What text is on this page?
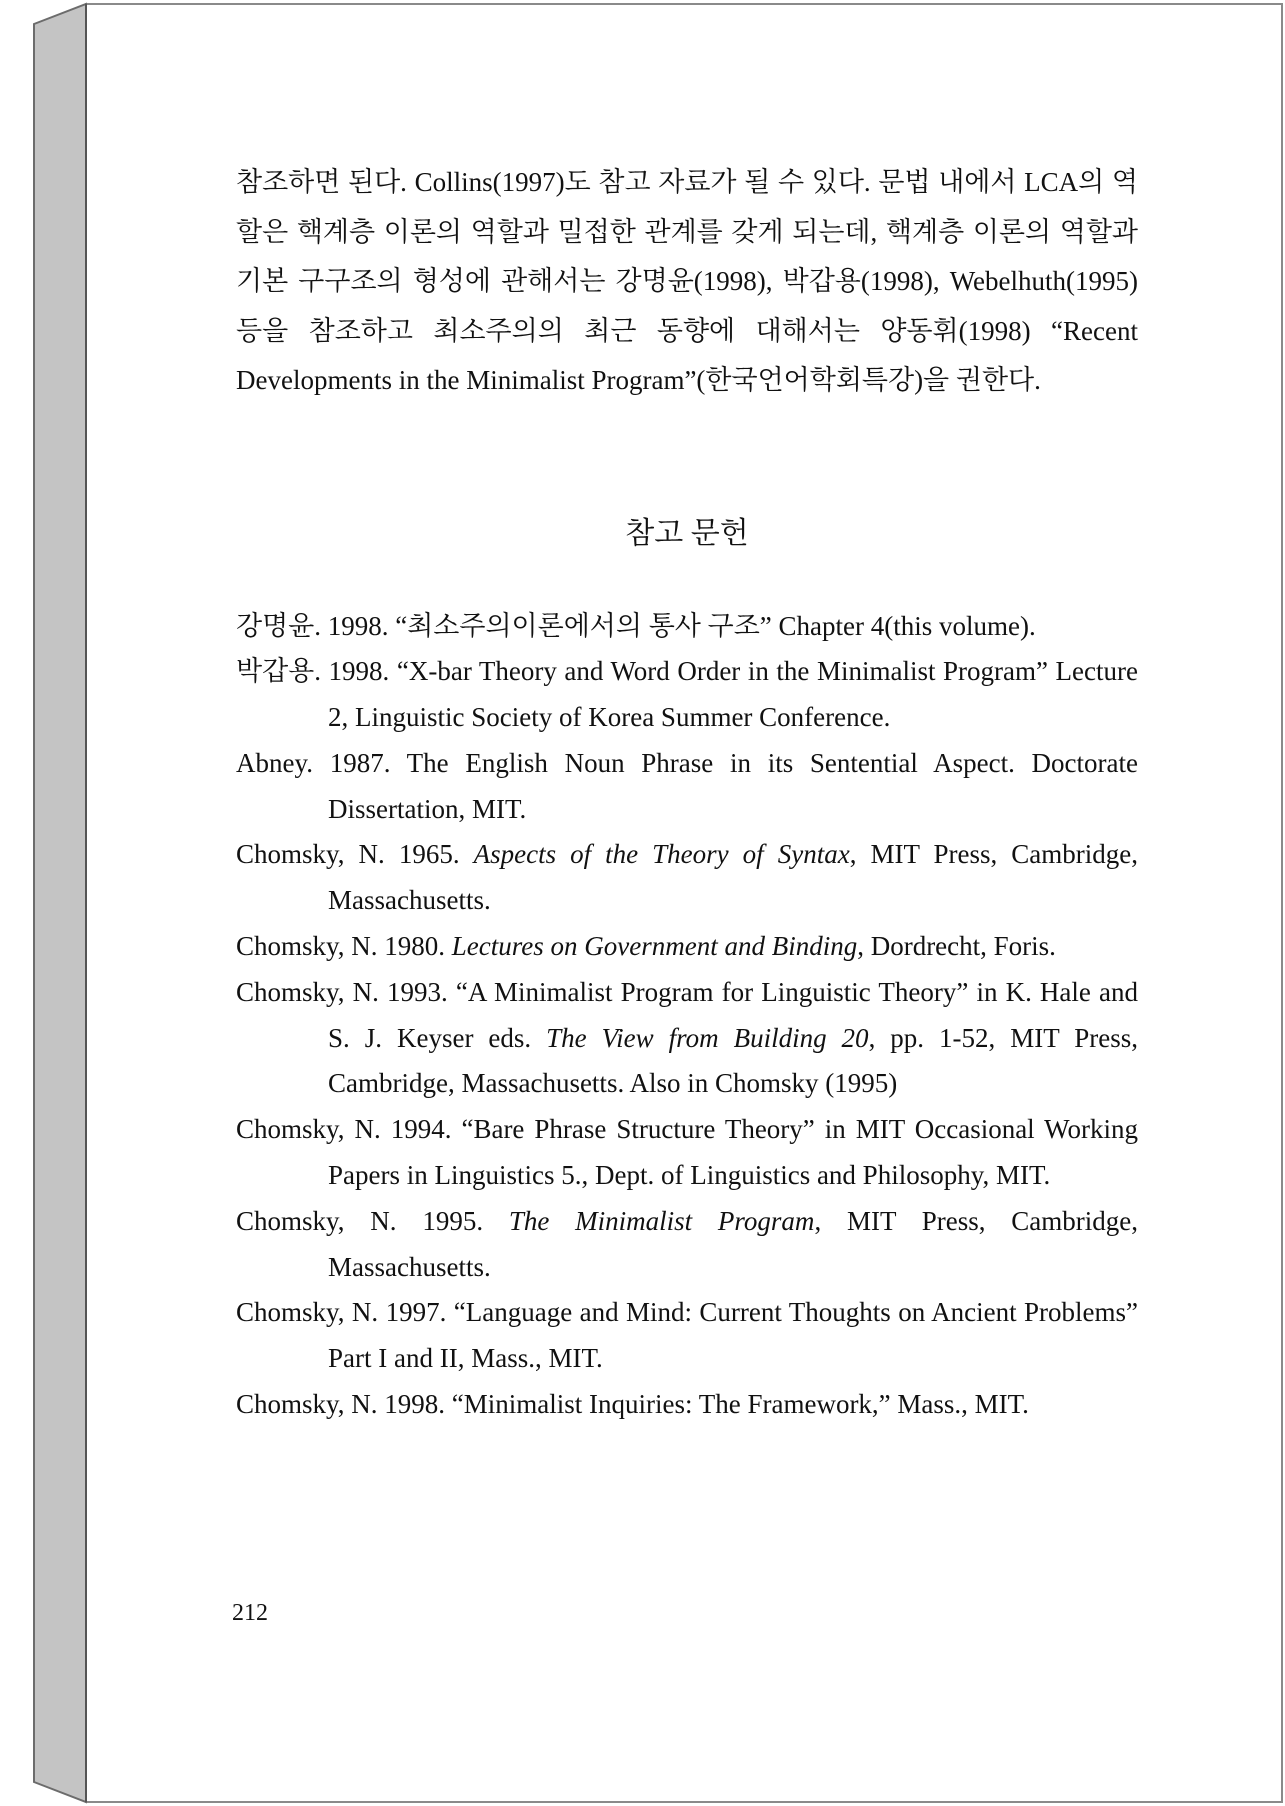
참조하면 된다. Collins(1997)도 참고 자료가 될 수 있다. 문법 내에서 LCA의 역할은 핵계층 이론의 역할과 밀접한 관계를 갖게 되는데, 핵계층 이론의 역할과 기본 구구조의 형성에 관해서는 강명윤(1998), 박갑용(1998), Webelhuth(1995) 등을 참조하고 최소주의의 최근 동향에 대해서는 양동휘(1998) “Recent Developments in the Minimalist Program”(한국언어학회특강)을 권한다.

참고 문헌
강명윤. 1998. “최소주의이론에서의 통사 구조” Chapter 4(this volume).
박갑용. 1998. “X-bar Theory and Word Order in the Minimalist Program” Lecture 2, Linguistic Society of Korea Summer Conference.
Abney. 1987. The English Noun Phrase in its Sentential Aspect. Doctorate Dissertation, MIT.
Chomsky, N. 1965. Aspects of the Theory of Syntax, MIT Press, Cambridge, Massachusetts.
Chomsky, N. 1980. Lectures on Government and Binding, Dordrecht, Foris.
Chomsky, N. 1993. “A Minimalist Program for Linguistic Theory” in K. Hale and S. J. Keyser eds. The View from Building 20, pp. 1-52, MIT Press, Cambridge, Massachusetts. Also in Chomsky (1995)
Chomsky, N. 1994. “Bare Phrase Structure Theory” in MIT Occasional Working Papers in Linguistics 5., Dept. of Linguistics and Philosophy, MIT.
Chomsky, N. 1995. The Minimalist Program, MIT Press, Cambridge, Massachusetts.
Chomsky, N. 1997. “Language and Mind: Current Thoughts on Ancient Problems” Part I and II, Mass., MIT.
Chomsky, N. 1998. “Minimalist Inquiries: The Framework,” Mass., MIT.
212
